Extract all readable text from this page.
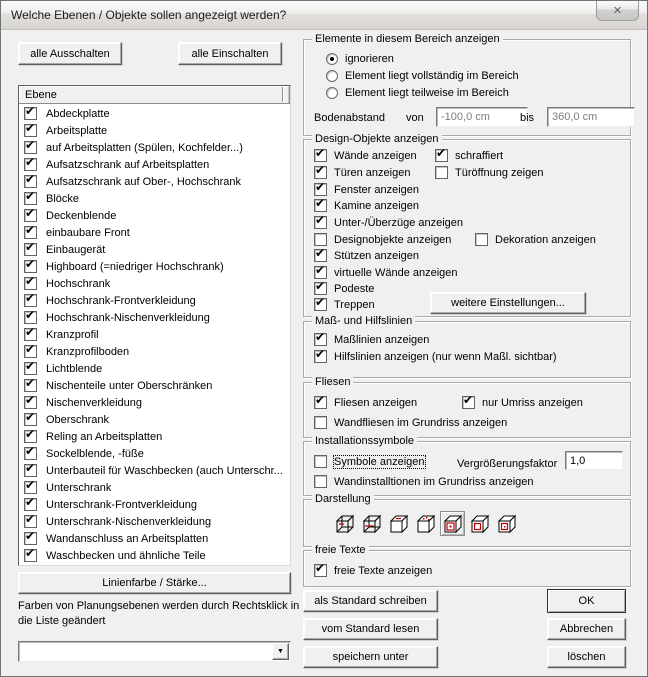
Welche Ebenen / Objekte sollen angezeigt werden?	✕
alle Ausschalten	alle Einschalten
Ebene
✔
Abdeckplatte
✔
Arbeitsplatte
✔
auf Arbeitsplatten (Spülen, Kochfelder...)
✔
Aufsatzschrank auf Arbeitsplatten
✔
Aufsatzschrank auf Ober-, Hochschrank
✔
Blöcke
✔
Deckenblende
✔
einbaubare Front
✔
Einbaugerät
✔
Highboard (=niedriger Hochschrank)
✔
Hochschrank
✔
Hochschrank-Frontverkleidung
✔
Hochschrank-Nischenverkleidung
✔
Kranzprofil
✔
Kranzprofilboden
✔
Lichtblende
✔
Nischenteile unter Oberschränken
✔
Nischenverkleidung
✔
Oberschrank
✔
Reling an Arbeitsplatten
✔
Sockelblende, -füße
✔
Unterbauteil für Waschbecken (auch Unterschr...
✔
Unterschrank
✔
Unterschrank-Frontverkleidung
✔
Unterschrank-Nischenverkleidung
✔
Wandanschluss an Arbeitsplatten
✔
Waschbecken und ähnliche Teile
Linienfarbe / Stärke...
Farben von Planungsebenen werden durch Rechtsklick in die Liste geändert
▼
Elemente in diesem Bereich anzeigen
ignorieren
Element liegt vollständig im Bereich
Element liegt teilweise im Bereich
Bodenabstand von
-100,0 cm	bis
360,0 cm
Design-Objekte anzeigen
✔
Wände anzeigen ✔	schraffiert
✔
Türen anzeigen	Türöffnung zeigen
✔
Fenster anzeigen
✔
Kamine anzeigen
✔
Unter-/Überzüge anzeigen
Designobjekte anzeigen	Dekoration anzeigen
✔
Stützen anzeigen
✔
virtuelle Wände anzeigen
✔
Podeste
✔
Treppen	weitere Einstellungen...
Maß- und Hilfslinien
✔
Maßlinien anzeigen
✔
Hilfslinien anzeigen (nur wenn Maßl. sichtbar)
Fliesen
✔
Fliesen anzeigen ✔	nur Umriss anzeigen
Wandfliesen im Grundriss anzeigen
Installationssymbole
Symbole anzeigen	Vergrößerungsfaktor
1,0
Wandinstalltionen im Grundriss anzeigen
Darstellung
freie Texte
✔
freie Texte anzeigen
als Standard schreiben
vom Standard lesen
speichern unter
OK
Abbrechen
löschen
